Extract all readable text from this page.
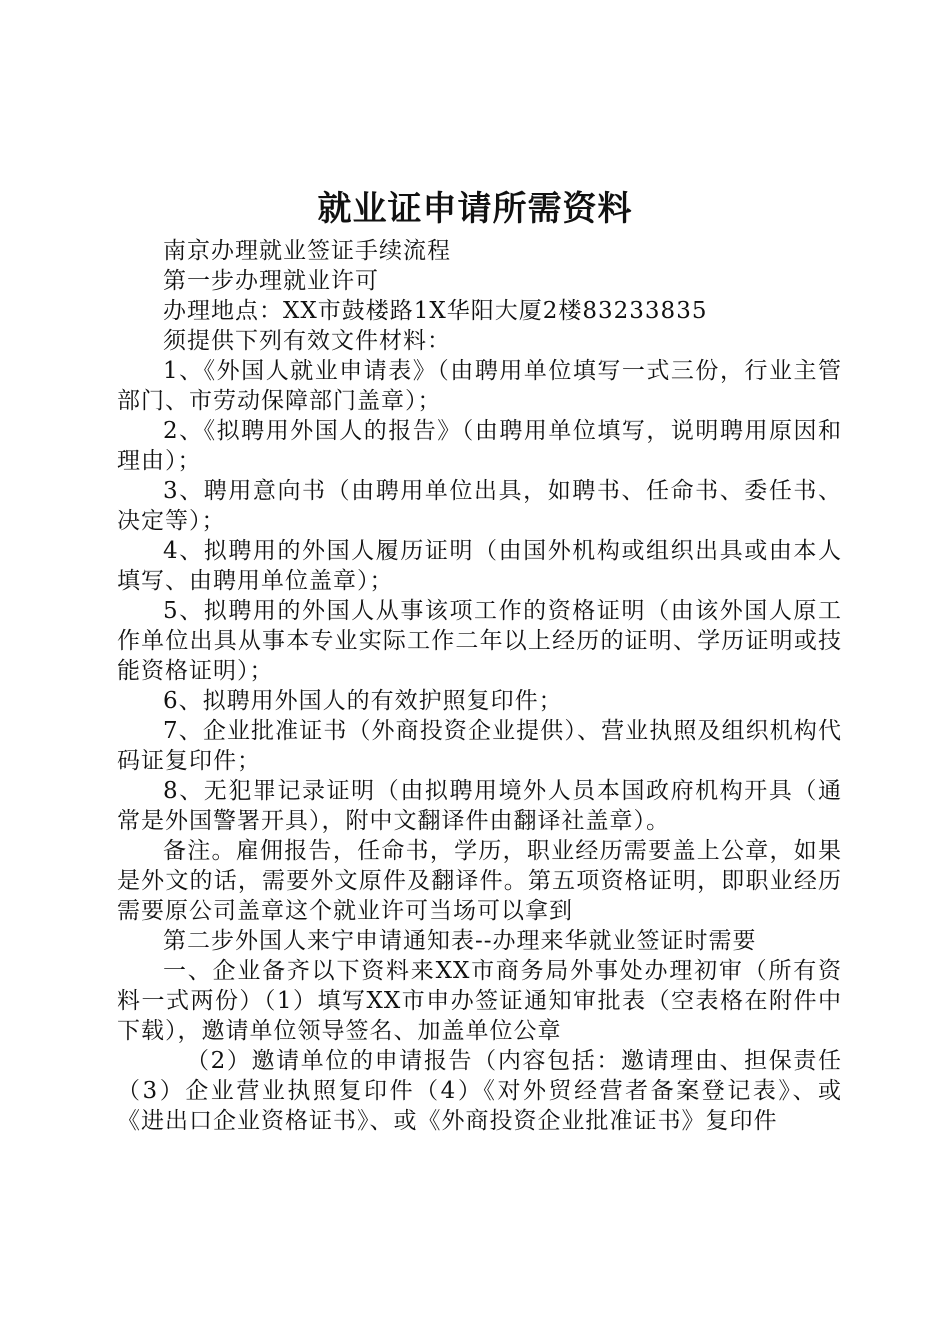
就业证申请所需资料

南京办理就业签证手续流程

第一步办理就业许可

办理地点：XX市鼓楼路1X华阳大厦2楼83233835

须提供下列有效文件材料：

1、《外国人就业申请表》（由聘用单位填写一式三份，行业主管部门、市劳动保障部门盖章）；

2、《拟聘用外国人的报告》（由聘用单位填写，说明聘用原因和理由）；

3、聘用意向书（由聘用单位出具，如聘书、任命书、委任书、决定等）；

4、拟聘用的外国人履历证明（由国外机构或组织出具或由本人填写、由聘用单位盖章）；

5、拟聘用的外国人从事该项工作的资格证明（由该外国人原工作单位出具从事本专业实际工作二年以上经历的证明、学历证明或技能资格证明）；

6、拟聘用外国人的有效护照复印件；

7、企业批准证书（外商投资企业提供）、营业执照及组织机构代码证复印件；

8、无犯罪记录证明（由拟聘用境外人员本国政府机构开具（通常是外国警署开具），附中文翻译件由翻译社盖章）。

备注。雇佣报告，任命书，学历，职业经历需要盖上公章，如果是外文的话，需要外文原件及翻译件。第五项资格证明，即职业经历需要原公司盖章这个就业许可当场可以拿到

第二步外国人来宁申请通知表--办理来华就业签证时需要

一、企业备齐以下资料来XX市商务局外事处办理初审（所有资料一式两份）（1）填写XX市申办签证通知审批表（空表格在附件中下载），邀请单位领导签名、加盖单位公章

（2）邀请单位的申请报告（内容包括：邀请理由、担保责任（3）企业营业执照复印件（4）《对外贸经营者备案登记表》、或《进出口企业资格证书》、或《外商投资企业批准证书》复印件
